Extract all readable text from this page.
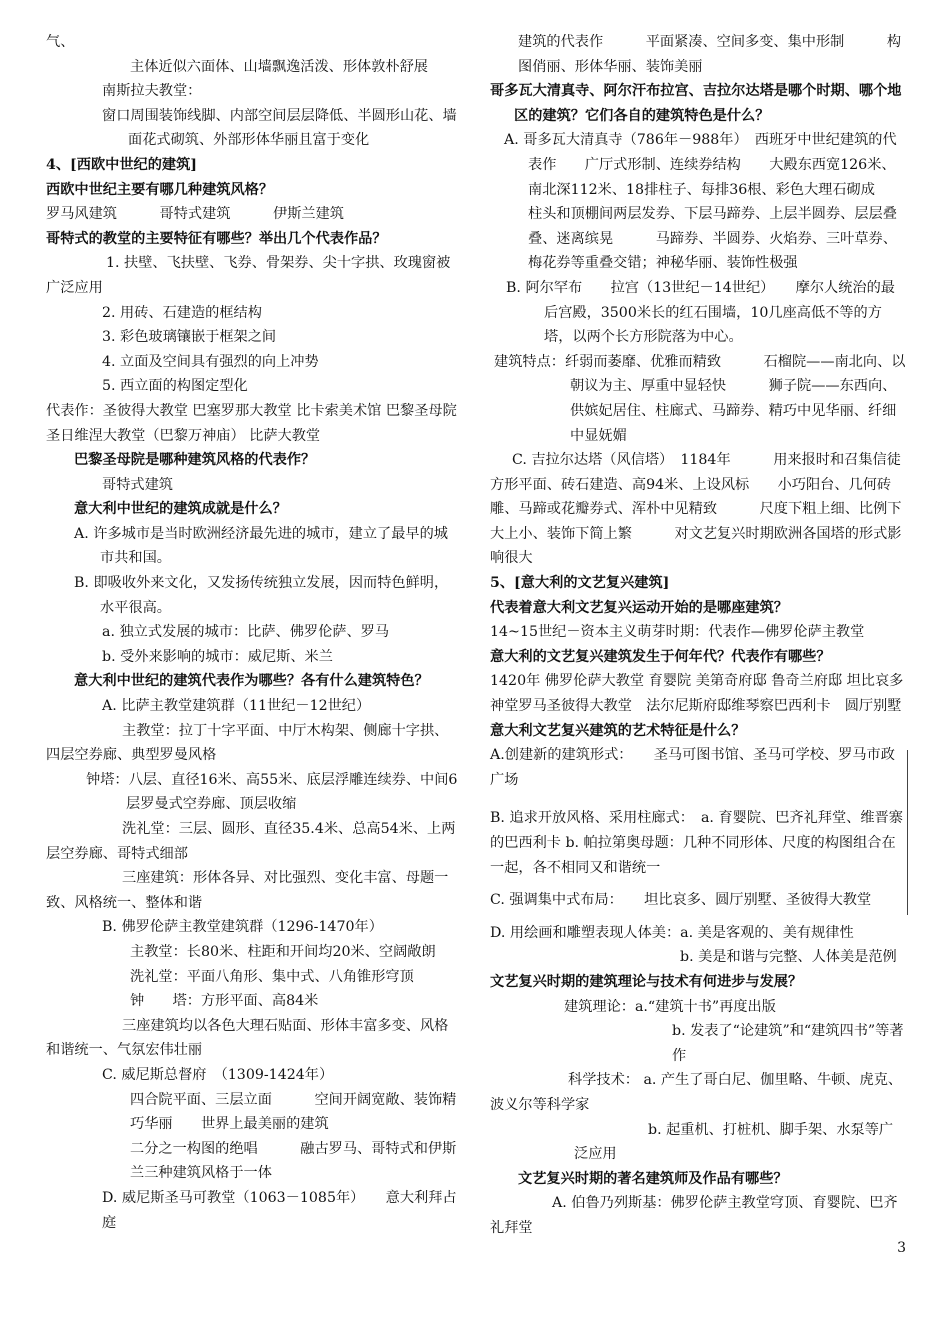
气、

主体近似六面体、山墙飘逸活泼、形体敦朴舒展

南斯拉夫教堂：

窗口周围装饰线脚、内部空间层层降低、半圆形山花、墙面花式砌筑、外部形体华丽且富于变化

4、[西欧中世纪的建筑]

西欧中世纪主要有哪几种建筑风格？

罗马风建筑　　　哥特式建筑　　　伊斯兰建筑

哥特式的教堂的主要特征有哪些？举出几个代表作品？

1. 扶壁、飞扶壁、飞券、骨架券、尖十字拱、玫瑰窗被广泛应用

2. 用砖、石建造的框结构

3. 彩色玻璃镶嵌于框架之间

4. 立面及空间具有强烈的向上冲势

5. 西立面的构图定型化

代表作：圣彼得大教堂 巴塞罗那大教堂 比卡索美术馆 巴黎圣母院 圣日维涅大教堂（巴黎万神庙） 比萨大教堂

巴黎圣母院是哪种建筑风格的代表作？

哥特式建筑

意大利中世纪的建筑成就是什么？

A. 许多城市是当时欧洲经济最先进的城市，建立了最早的城市共和国。

B. 即吸收外来文化，又发扬传统独立发展，因而特色鲜明，水平很高。

a. 独立式发展的城市：比萨、佛罗伦萨、罗马

b. 受外来影响的城市：威尼斯、米兰

意大利中世纪的建筑代表作为哪些？各有什么建筑特色？

A. 比萨主教堂建筑群（11世纪－12世纪）

主教堂：拉丁十字平面、中厅木构架、侧廊十字拱、四层空券廊、典型罗曼风格

钟塔：八层、直径16米、高55米、底层浮雕连续券、中间6层罗曼式空券廊、顶层收缩

洗礼堂：三层、圆形、直径35.4米、总高54米、上两层空券廊、哥特式细部

三座建筑：形体各异、对比强烈、变化丰富、母题一致、风格统一、整体和谐

B. 佛罗伦萨主教堂建筑群（1296-1470年）

主教堂：长80米、柱距和开间均20米、空阔敞朗

洗礼堂：平面八角形、集中式、八角锥形穹顶

钟　　塔：方形平面、高84米

三座建筑均以各色大理石贴面、形体丰富多变、风格和谐统一、气氛宏伟壮丽

C. 威尼斯总督府　（1309-1424年）

四合院平面、三层立面　　　空间开阔宽敞、装饰精巧华丽　　世界上最美丽的建筑

二分之一构图的绝唱　　　融古罗马、哥特式和伊斯兰三种建筑风格于一体

D. 威尼斯圣马可教堂（1063－1085年）　　意大利拜占庭

建筑的代表作　　　平面紧凑、空间多变、集中形制　　　构图俏丽、形体华丽、装饰美丽

哥多瓦大清真寺、阿尔汗布拉宫、吉拉尔达塔是哪个时期、哪个地区的建筑？它们各自的建筑特色是什么？

A. 哥多瓦大清真寺（786年－988年）　西班牙中世纪建筑的代表作　　广厅式形制、连续券结构　　大殿东西宽126米、南北深112米、18排柱子、每排36根、彩色大理石砌成　　柱头和顶棚间两层发券、下层马蹄券、上层半圆券、层层叠叠、迷离缤晃　　　马蹄券、半圆券、火焰券、三叶草券、　　梅花券等重叠交错；神秘华丽、装饰性极强

B. 阿尔罕布　　拉宫（13世纪－14世纪）　　摩尔人统治的最后宫殿，3500米长的红石围墙，10几座高低不等的方塔，以两个长方形院落为中心。

建筑特点：纤弱而萎靡、优雅而精致　　　石榴院——南北向、以朝议为主、厚重中显轻快　　　狮子院——东西向、供嫔妃居住、柱廊式、马蹄券、精巧中见华丽、纤细中显妩媚

C. 吉拉尔达塔（风信塔）　1184年　　　用来报时和召集信徒方形平面、砖石建造、高94米、上设风标　　小巧阳台、几何砖雕、马蹄或花瓣券式、浑朴中见精致　　　尺度下粗上细、比例下大上小、装饰下简上繁　　　对文艺复兴时期欧洲各国塔的形式影响很大

5、[意大利的文艺复兴建筑]

代表着意大利文艺复兴运动开始的是哪座建筑？

14~15世纪－资本主义萌芽时期：代表作—佛罗伦萨主教堂

意大利的文艺复兴建筑发生于何年代？代表作有哪些？

1420年 佛罗伦萨大教堂 育婴院 美第奇府邸 鲁奇兰府邸 坦比哀多神堂罗马圣彼得大教堂　法尔尼斯府邸维琴察巴西利卡　圆厅别墅

意大利文艺复兴建筑的艺术特征是什么？

A.创建新的建筑形式：　　圣马可图书馆、圣马可学校、罗马市政广场

B. 追求开放风格、采用柱廊式：　a. 育婴院、巴齐礼拜堂、维晋寨的巴西利卡 b. 帕拉第奥母题：几种不同形体、尺度的构图组合在一起，各不相同又和谐统一

C. 强调集中式布局：　　坦比哀多、圆厅别墅、圣彼得大教堂

D. 用绘画和雕塑表现人体美：a. 美是客观的、美有规律性

b. 美是和谐与完整、人体美是范例

文艺复兴时期的建筑理论与技术有何进步与发展？

建筑理论：a.“建筑十书”再度出版

b. 发表了“论建筑”和“建筑四书”等著作

科学技术： a. 产生了哥白尼、伽里略、牛顿、虎克、波义尔等科学家

b. 起重机、打桩机、脚手架、水泵等广泛应用

文艺复兴时期的著名建筑师及作品有哪些？

A. 伯鲁乃列斯基：佛罗伦萨主教堂穹顶、育婴院、巴齐礼拜堂

3
